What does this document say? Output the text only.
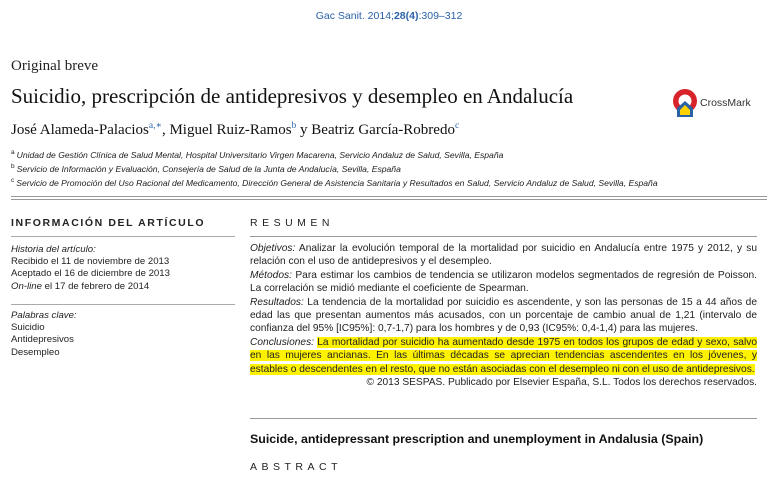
Gac Sanit. 2014;28(4):309–312
Original breve
Suicidio, prescripción de antidepresivos y desempleo en Andalucía	CrossMark
José Alameda-Palacios$^{a,∗}$, Miguel Ruiz-Ramos$^b$ y Beatriz García-Robredo$^c$
$^a$ Unidad de Gestión Clínica de Salud Mental, Hospital Universitario Virgen Macarena, Servicio Andaluz de Salud, Sevilla, España
$^b$ Servicio de Información y Evaluación, Consejería de Salud de la Junta de Andalucía, Sevilla, España
$^c$ Servicio de Promoción del Uso Racional del Medicamento, Dirección General de Asistencia Sanitaria y Resultados en Salud, Servicio Andaluz de Salud, Sevilla, España
INFORMACIÓN DEL ARTÍCULO
Historia del artículo:
Recibido el 11 de noviembre de 2013
Aceptado el 16 de diciembre de 2013
On-line el 17 de febrero de 2014
Palabras clave:
Suicidio
Antidepresivos
Desempleo
RESUMEN

Objetivos: Analizar la evolución temporal de la mortalidad por suicidio en Andalucía entre 1975 y 2012, y su relación con el uso de antidepresivos y el desempleo.

Métodos: Para estimar los cambios de tendencia se utilizaron modelos segmentados de regresión de Poisson. La correlación se midió mediante el coeficiente de Spearman.

Resultados: La tendencia de la mortalidad por suicidio es ascendente, y son las personas de 15 a 44 años de edad las que presentan aumentos más acusados, con un porcentaje de cambio anual de 1,21 (intervalo de confianza del 95% [IC95%]: 0,7-1,7) para los hombres y de 0,93 (IC95%: 0,4-1,4) para las mujeres.

Conclusiones: La mortalidad por suicidio ha aumentado desde 1975 en todos los grupos de edad y sexo, salvo en las mujeres ancianas. En las últimas décadas se aprecian tendencias ascendentes en los jóvenes, y estables o descendentes en el resto, que no están asociadas con el desempleo ni con el uso de antidepresivos.

© 2013 SESPAS. Publicado por Elsevier España, S.L. Todos los derechos reservados.

Suicide, antidepressant prescription and unemployment in Andalusia (Spain)
ABSTRACT
